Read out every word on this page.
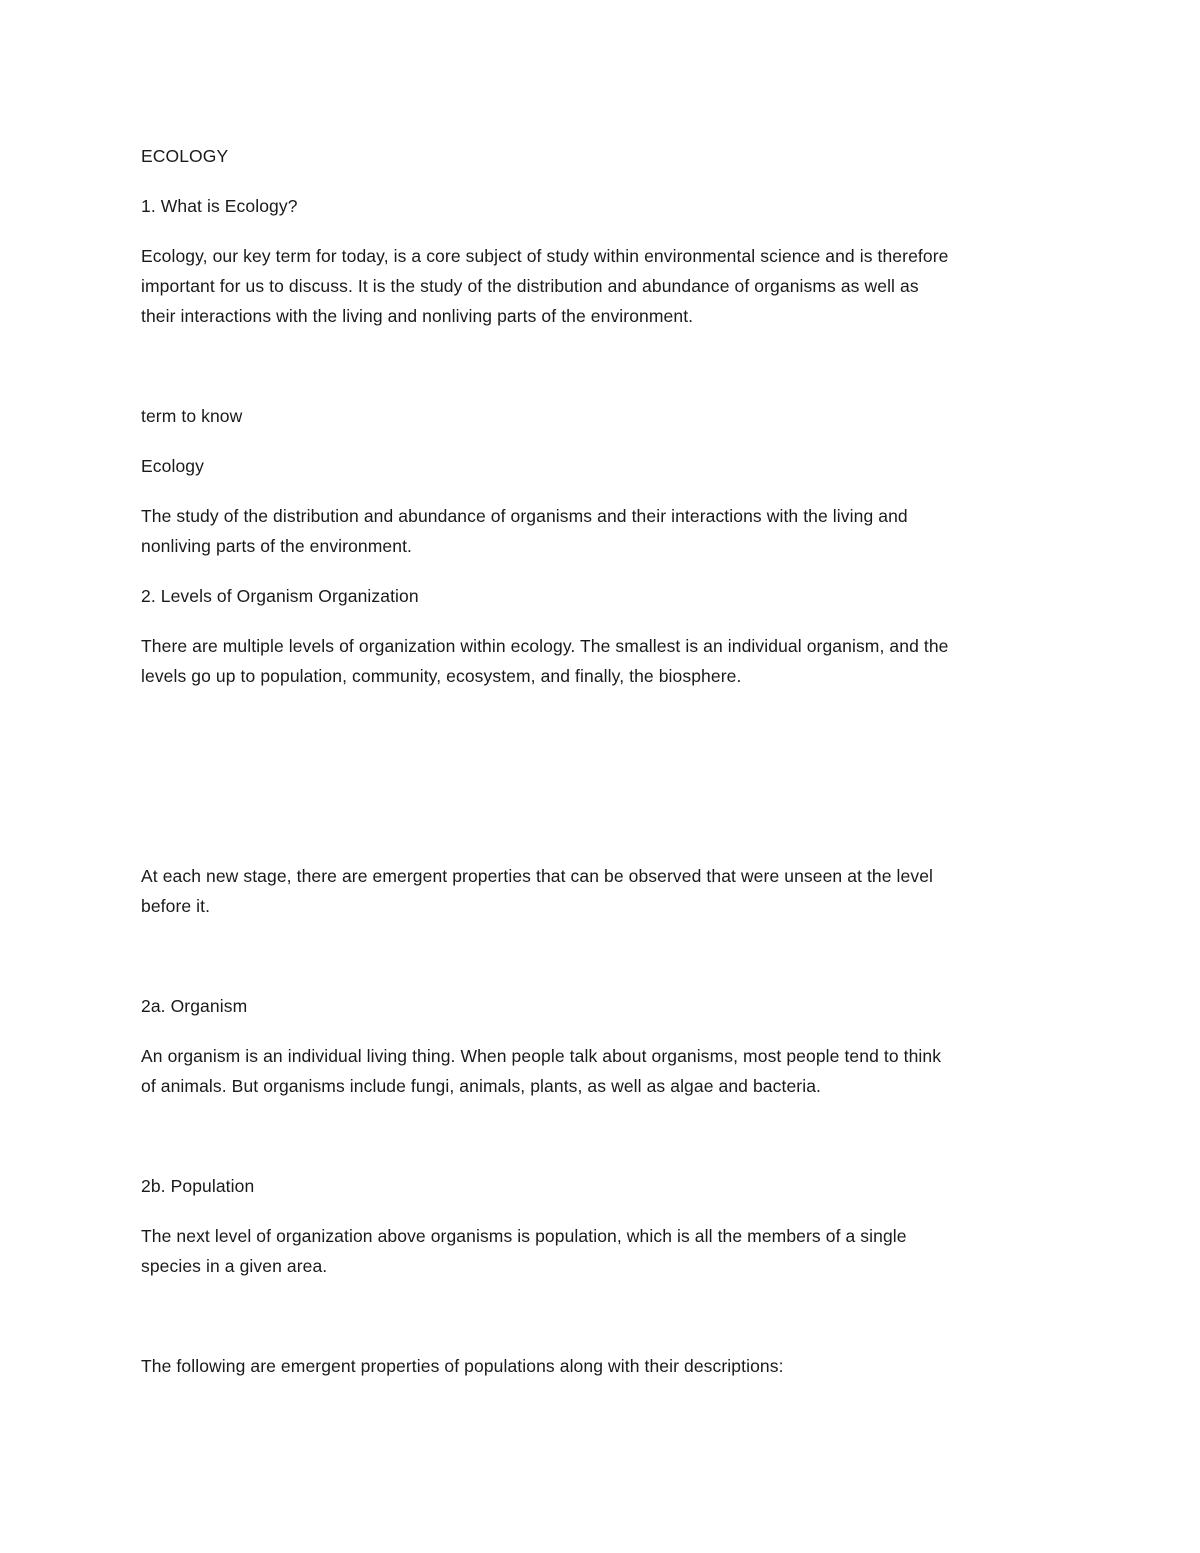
ECOLOGY
1. What is Ecology?
Ecology, our key term for today, is a core subject of study within environmental science and is therefore
important for us to discuss. It is the study of the distribution and abundance of organisms as well as
their interactions with the living and nonliving parts of the environment.
term to know
Ecology
The study of the distribution and abundance of organisms and their interactions with the living and
nonliving parts of the environment.
2. Levels of Organism Organization
There are multiple levels of organization within ecology. The smallest is an individual organism, and the
levels go up to population, community, ecosystem, and finally, the biosphere.
At each new stage, there are emergent properties that can be observed that were unseen at the level
before it.
2a. Organism
An organism is an individual living thing. When people talk about organisms, most people tend to think
of animals. But organisms include fungi, animals, plants, as well as algae and bacteria.
2b. Population
The next level of organization above organisms is population, which is all the members of a single
species in a given area.
The following are emergent properties of populations along with their descriptions:
